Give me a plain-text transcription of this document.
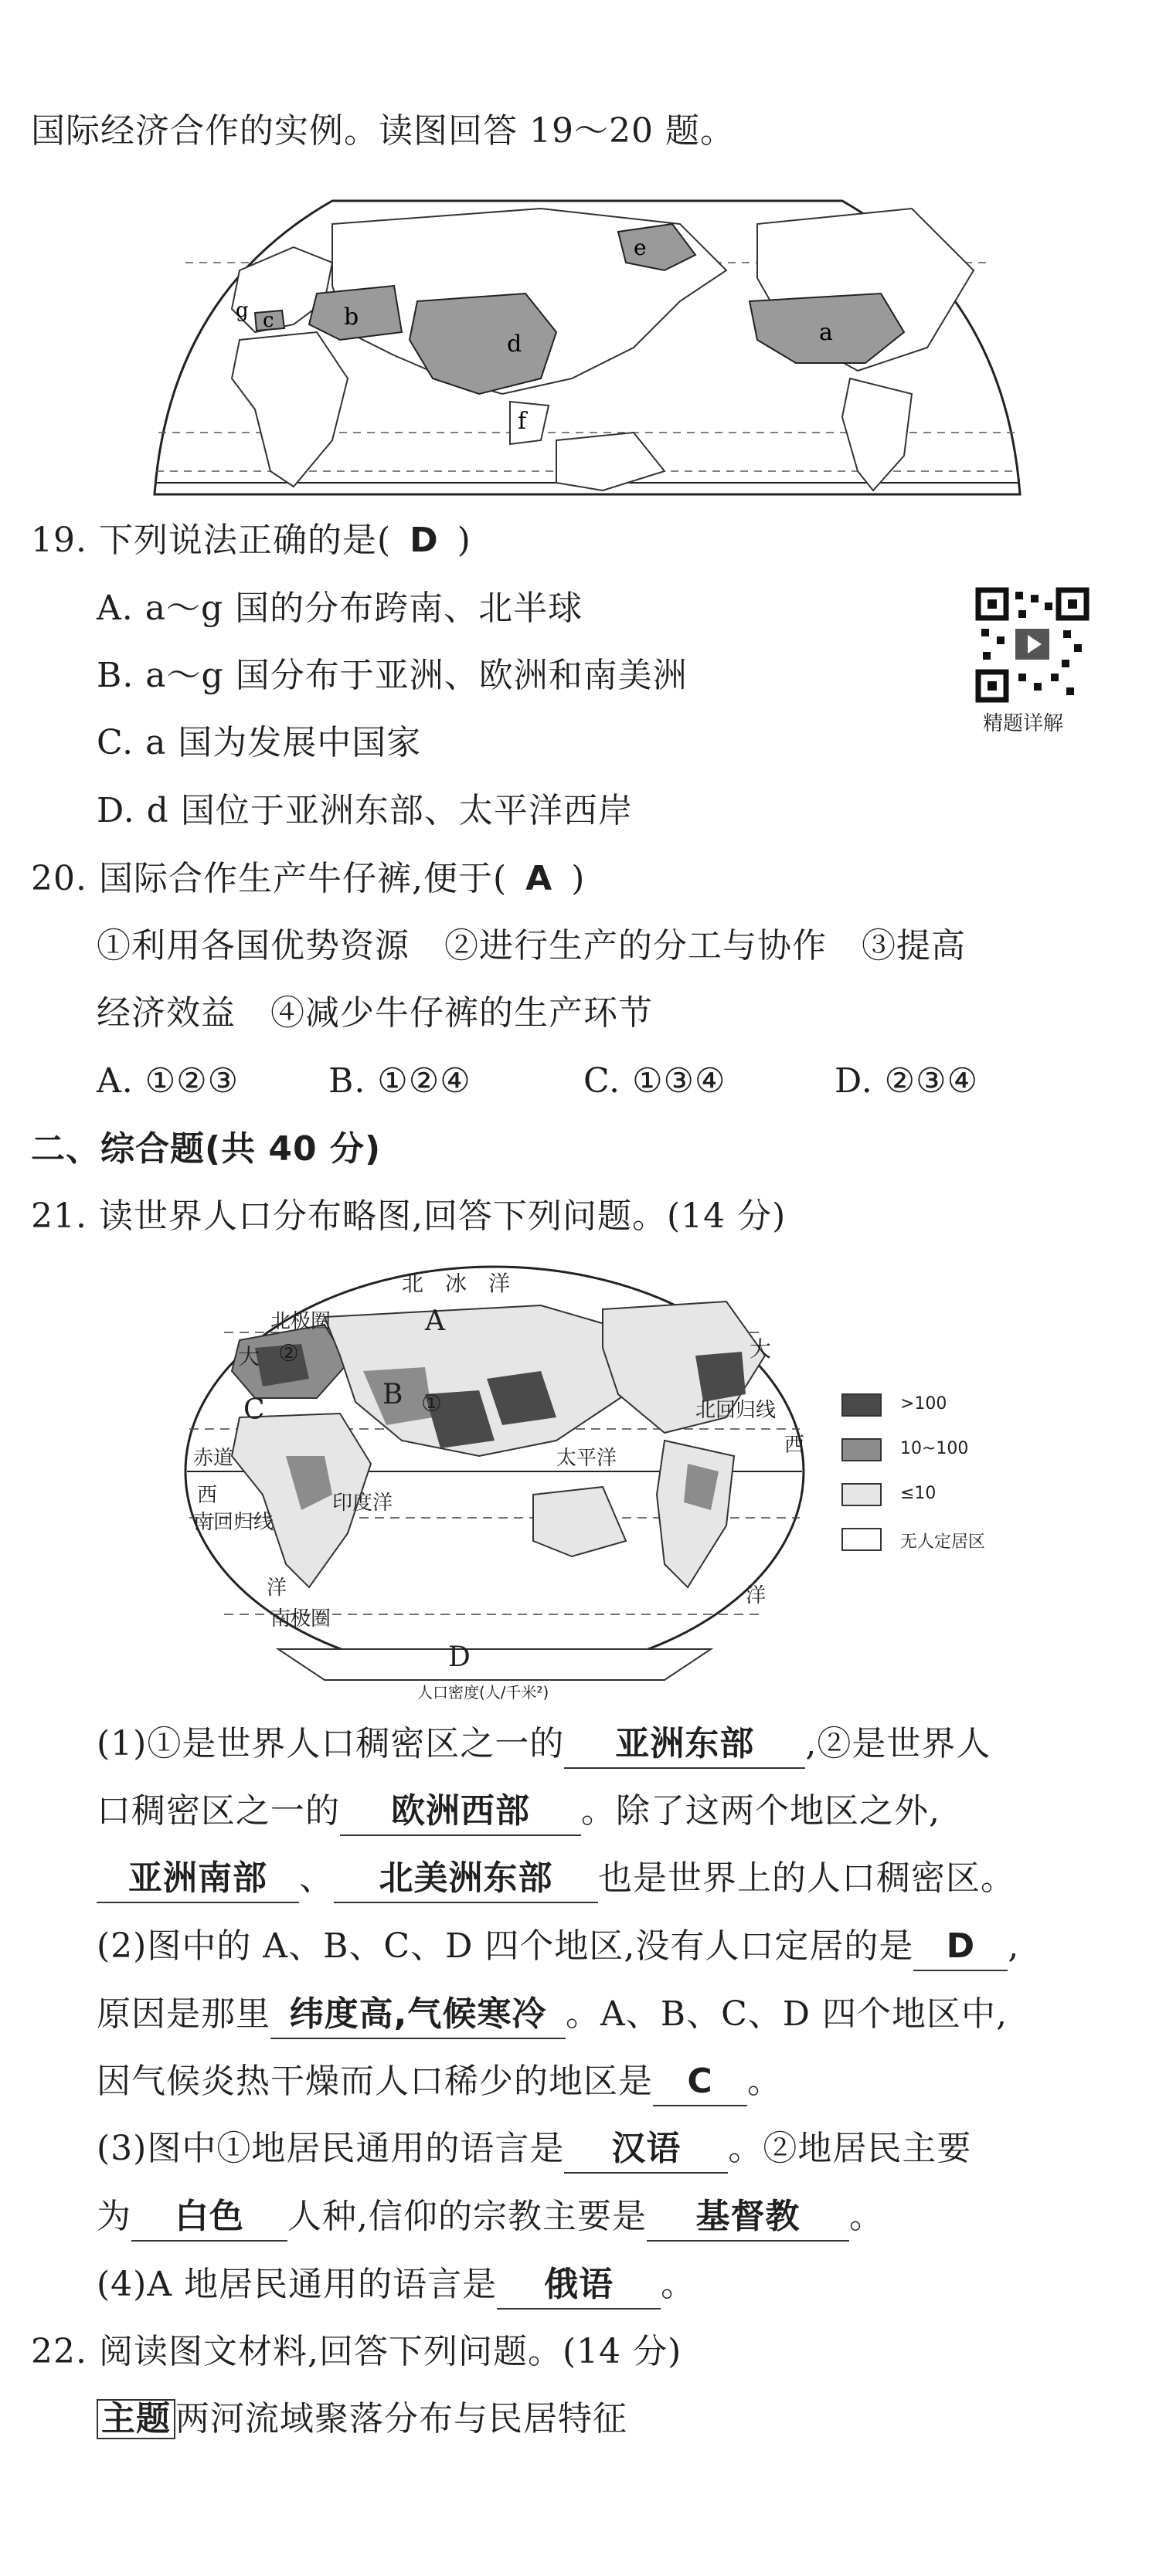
国际经济合作的实例。读图回答 19～20 题。
d
b
c
e
f
g
a
19. 下列说法正确的是( D )
A. a～g 国的分布跨南、北半球
B. a～g 国分布于亚洲、欧洲和南美洲
C. a 国为发展中国家
D. d 国位于亚洲东部、太平洋西岸
精题详解
20. 国际合作生产牛仔裤,便于( A )
①利用各国优势资源　②进行生产的分工与协作　③提高
经济效益　④减少牛仔裤的生产环节
A. ①②③	B. ①②④	C. ①③④	D. ②③④
二、综合题(共 40 分)
21. 读世界人口分布略图,回答下列问题。(14 分)
北　冰　洋
北极圈	A
②
大	大
C	B ①	北回归线
赤道	太平洋
西
西
南回归线
印度洋
洋	洋
南极圈
D
人口密度(人/千米²)
>100
10~100
≤10
无人定居区
(1)①是世界人口稠密区之一的 亚洲东部 ,②是世界人
口稠密区之一的 欧洲西部 。除了这两个地区之外,
亚洲南部 、 北美洲东部 也是世界上的人口稠密区。
(2)图中的 A、B、C、D 四个地区,没有人口定居的是 D ,
原因是那里 纬度高,气候寒冷 。A、B、C、D 四个地区中,
因气候炎热干燥而人口稀少的地区是 C 。
(3)图中①地居民通用的语言是 汉语 。②地居民主要
为 白色 人种,信仰的宗教主要是 基督教 。
(4)A 地居民通用的语言是 俄语 。
22. 阅读图文材料,回答下列问题。(14 分)
主题 两河流域聚落分布与民居特征
